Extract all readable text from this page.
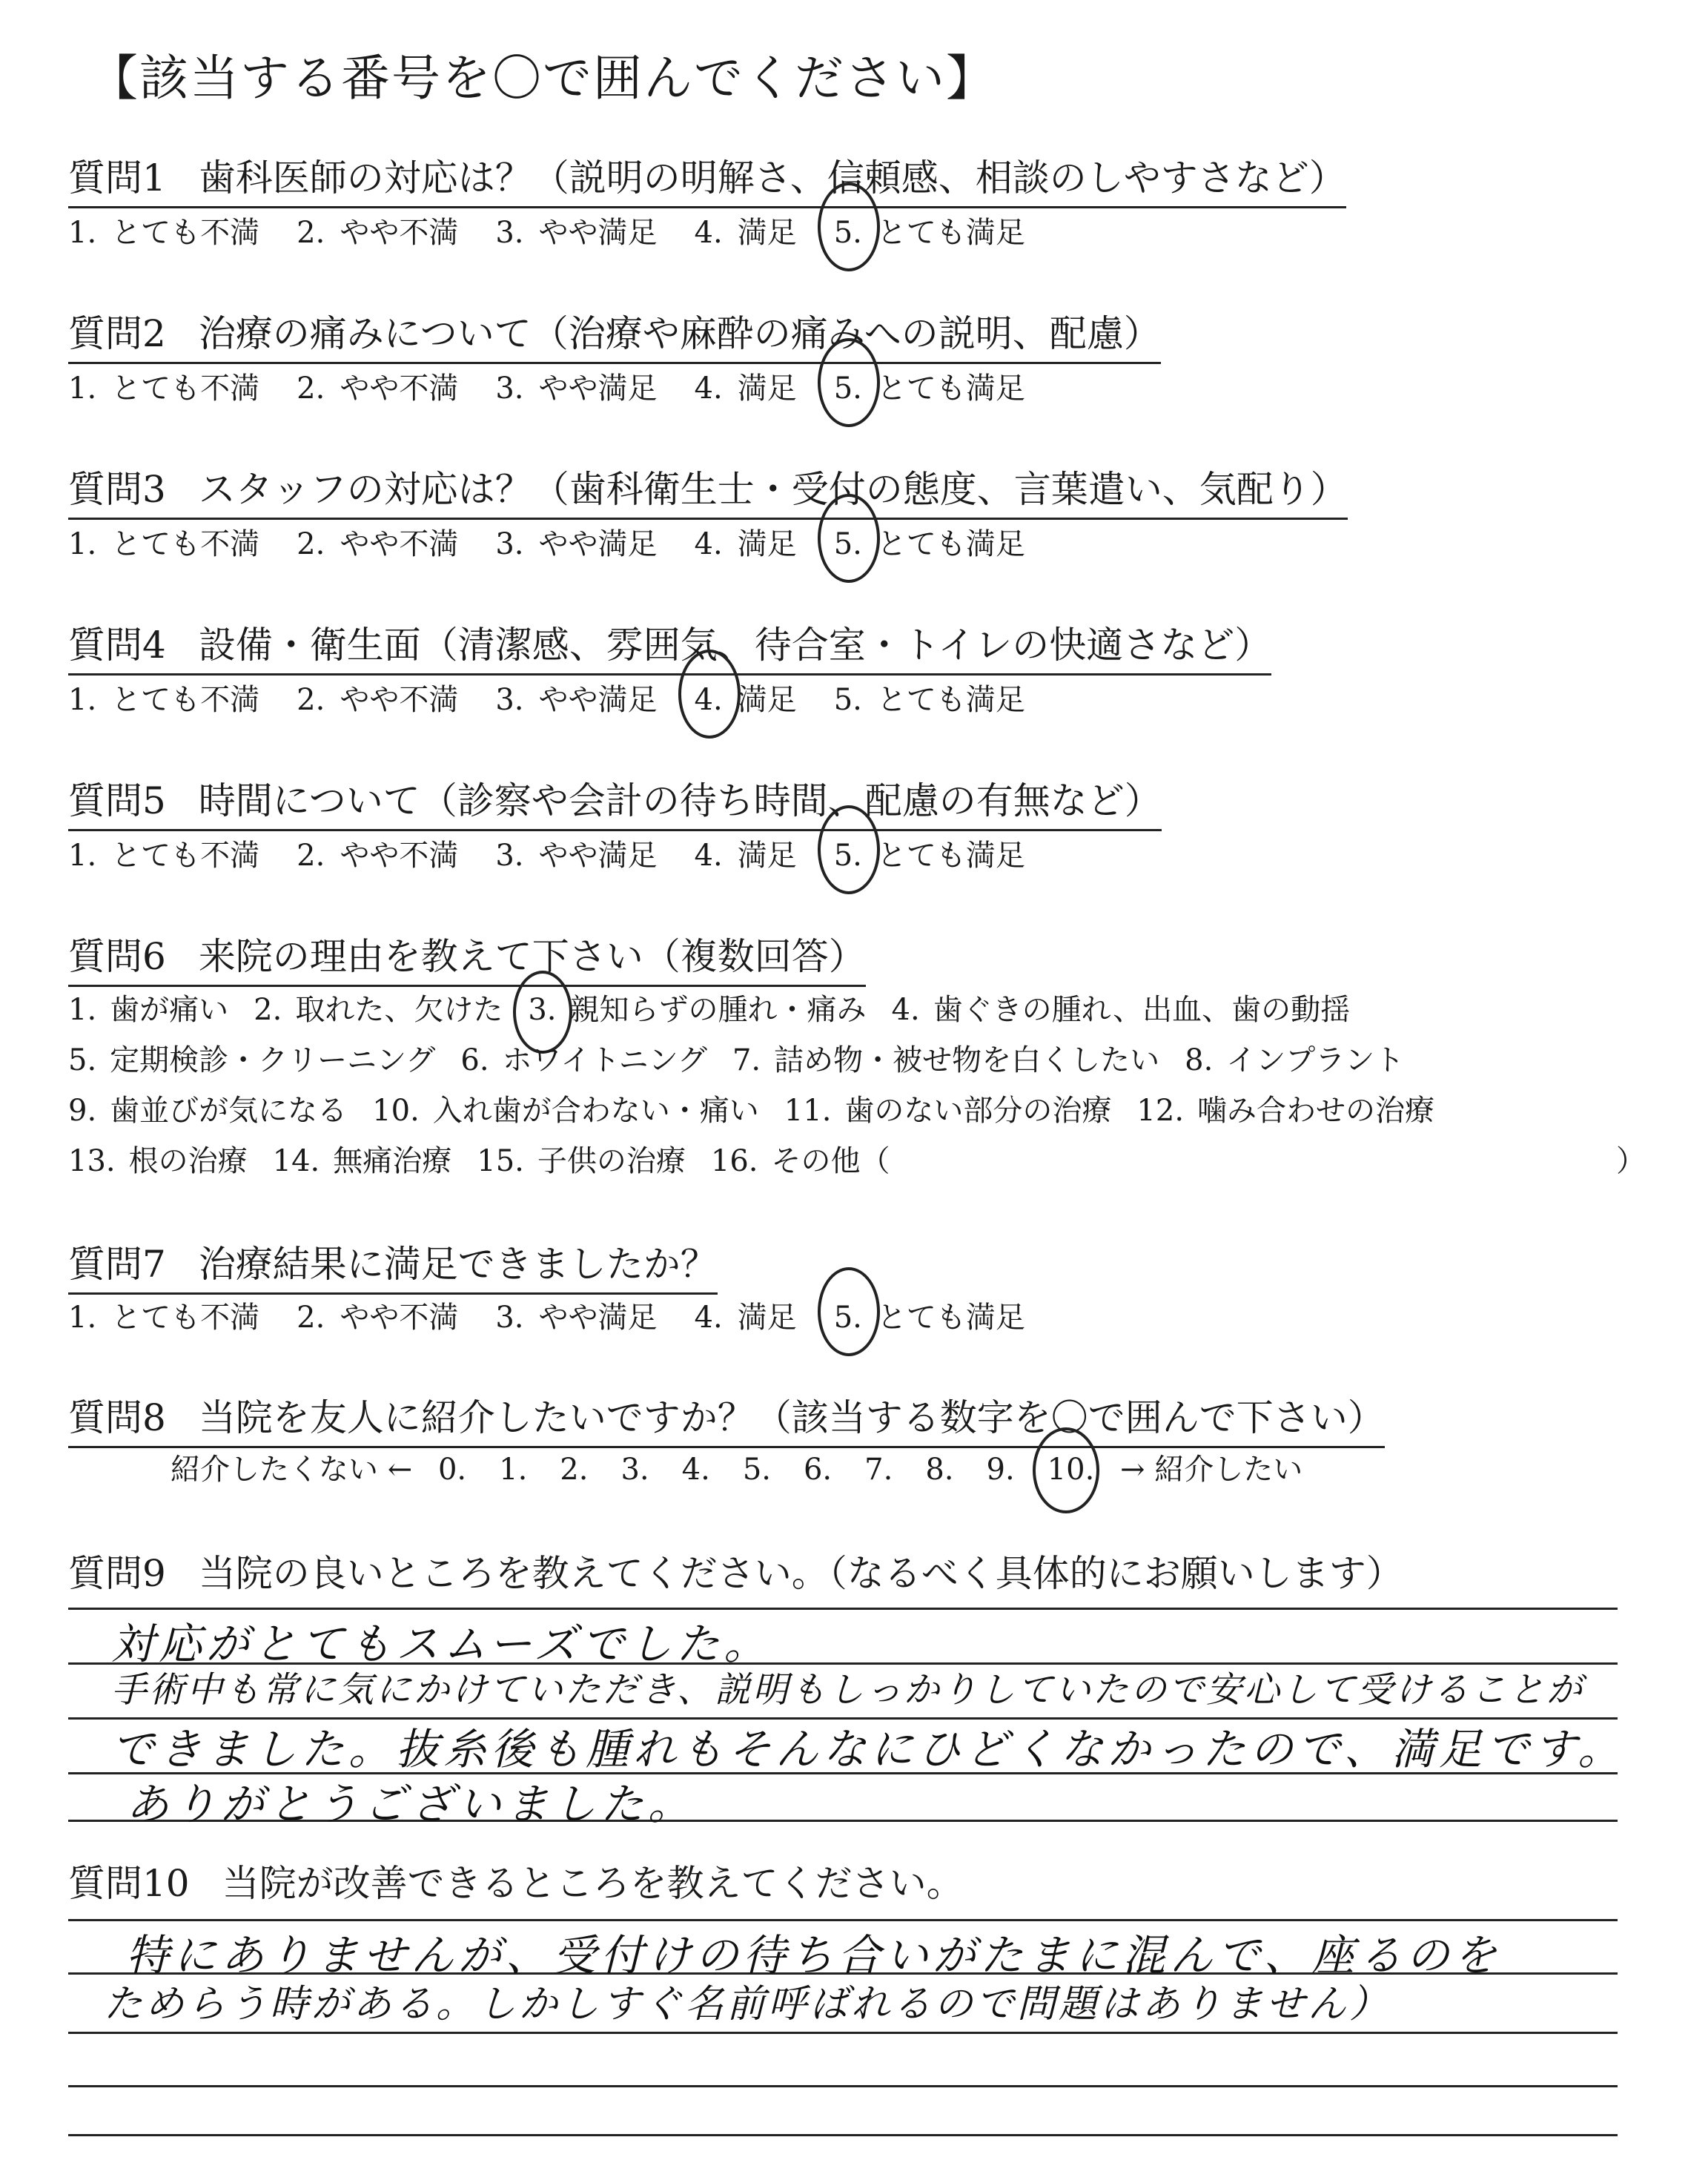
【該当する番号を〇で囲んでください】
質問1 歯科医師の対応は？（説明の明解さ、信頼感、相談のしやすさなど）
1. とても不満 2. やや不満 3. やや満足 4. 満足 5. とても満足
質問2 治療の痛みについて（治療や麻酔の痛みへの説明、配慮）
1. とても不満 2. やや不満 3. やや満足 4. 満足 5. とても満足
質問3 スタッフの対応は？（歯科衛生士・受付の態度、言葉遣い、気配り）
1. とても不満 2. やや不満 3. やや満足 4. 満足 5. とても満足
質問4 設備・衛生面（清潔感、雰囲気、待合室・トイレの快適さなど）
1. とても不満 2. やや不満 3. やや満足 4. 満足 5. とても満足
質問5 時間について（診察や会計の待ち時間、配慮の有無など）
1. とても不満 2. やや不満 3. やや満足 4. 満足 5. とても満足
質問6 来院の理由を教えて下さい（複数回答）
1. 歯が痛い 2. 取れた、欠けた 3. 親知らずの腫れ・痛み 4. 歯ぐきの腫れ、出血、歯の動揺
5. 定期検診・クリーニング 6. ホワイトニング 7. 詰め物・被せ物を白くしたい 8. インプラント
9. 歯並びが気になる 10. 入れ歯が合わない・痛い 11. 歯のない部分の治療 12. 噛み合わせの治療
13. 根の治療 14. 無痛治療 15. 子供の治療 16. その他（	）
質問7 治療結果に満足できましたか？
1. とても不満 2. やや不満 3. やや満足 4. 満足 5. とても満足
質問8 当院を友人に紹介したいですか？（該当する数字を〇で囲んで下さい）
紹介したくない ← 0. 1. 2. 3. 4. 5. 6. 7. 8. 9. 10. → 紹介したい
質問9 当院の良いところを教えてください。（なるべく具体的にお願いします）
対応がとてもスムーズでした。
手術中も常に気にかけていただき、説明もしっかりしていたので安心して受けることが
できました。抜糸後も腫れもそんなにひどくなかったので、満足です。
ありがとうございました。
質問10 当院が改善できるところを教えてください。
特にありませんが、受付けの待ち合いがたまに混んで、座るのを
ためらう時がある。しかしすぐ名前呼ばれるので問題はありません）
